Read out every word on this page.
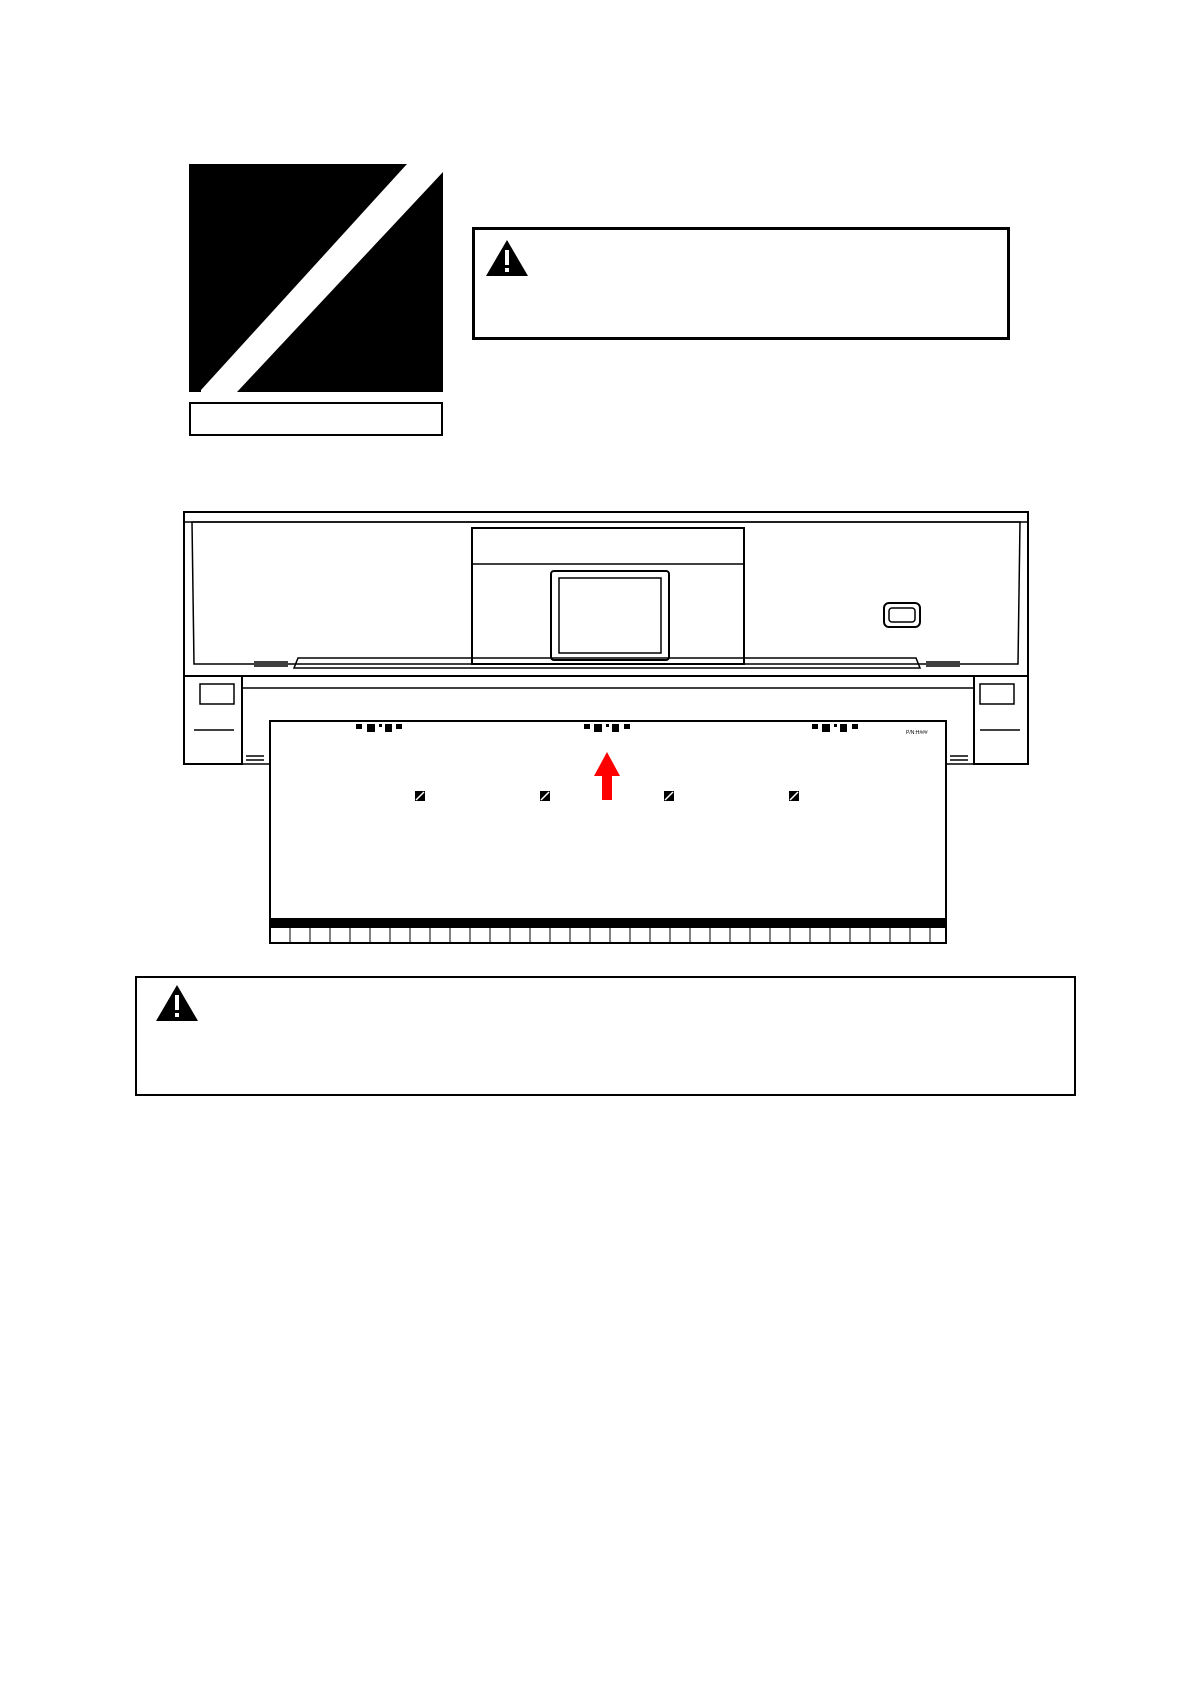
P/N:H###
